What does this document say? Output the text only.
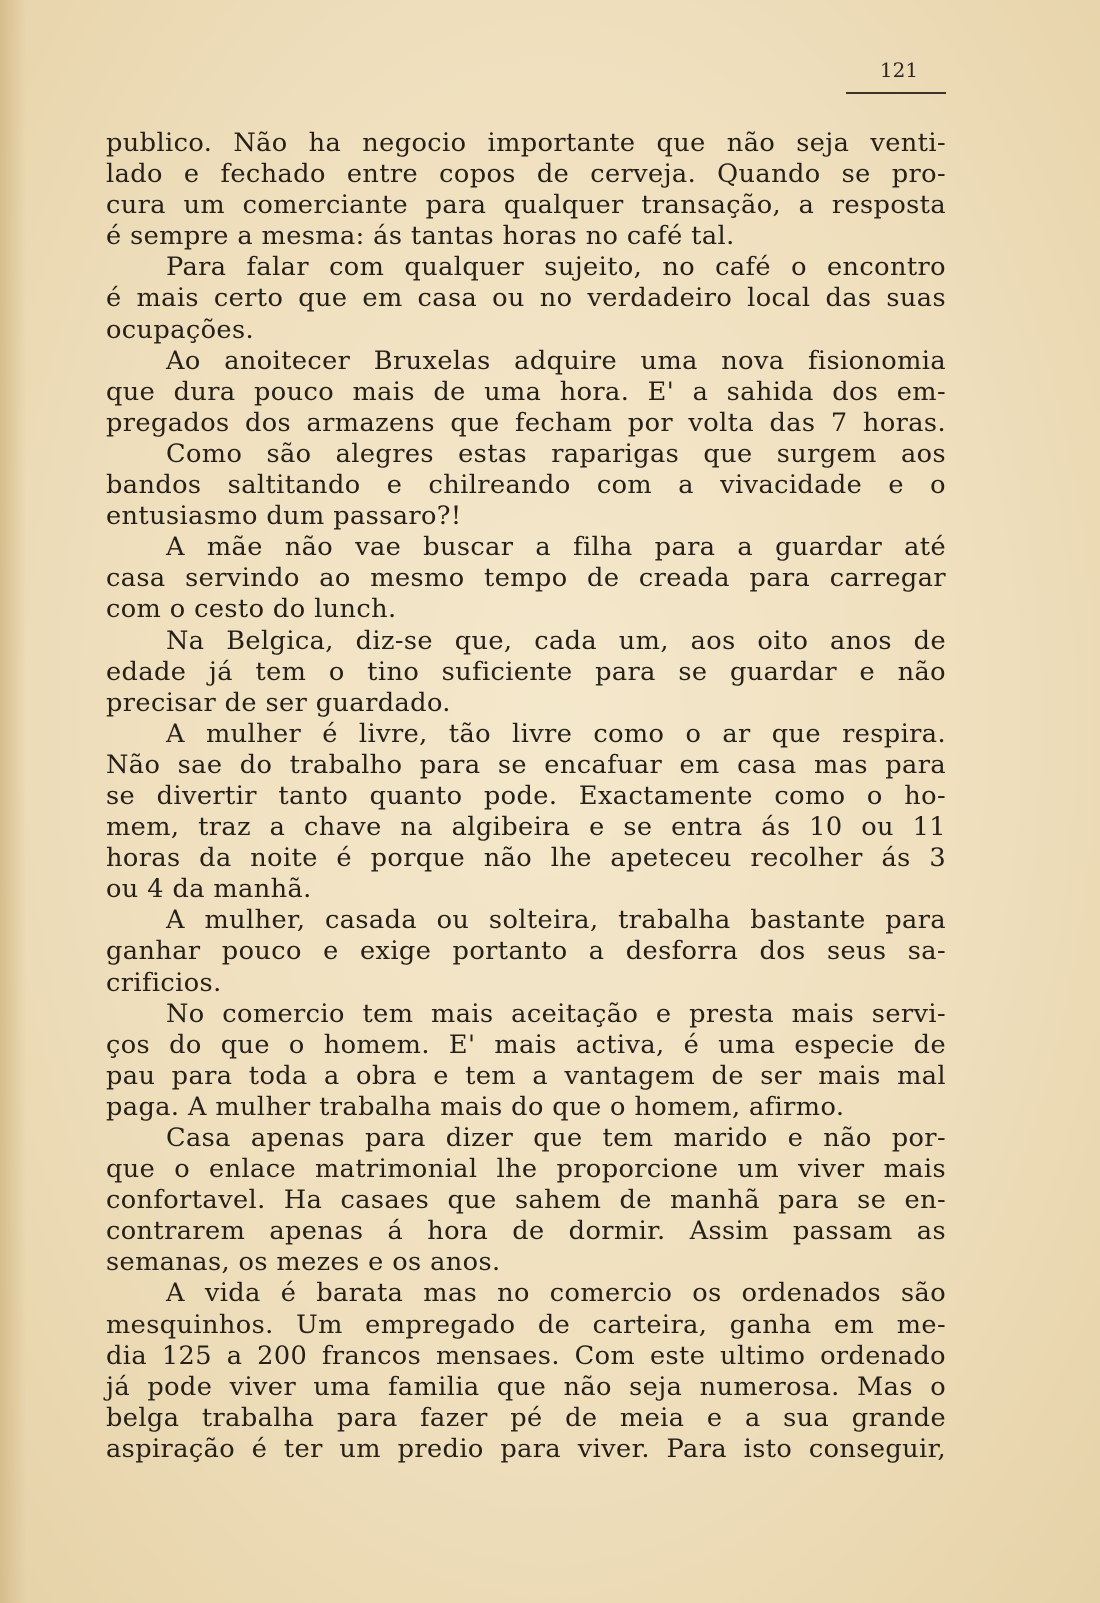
121
publico. Não ha negocio importante que não seja venti-
lado e fechado entre copos de cerveja. Quando se pro-
cura um comerciante para qualquer transação, a resposta
é sempre a mesma: ás tantas horas no café tal.
Para falar com qualquer sujeito, no café o encontro
é mais certo que em casa ou no verdadeiro local das suas
ocupações.
Ao anoitecer Bruxelas adquire uma nova fisionomia
que dura pouco mais de uma hora. E' a sahida dos em-
pregados dos armazens que fecham por volta das 7 horas.
Como são alegres estas raparigas que surgem aos
bandos saltitando e chilreando com a vivacidade e o
entusiasmo dum passaro?!
A mãe não vae buscar a filha para a guardar até
casa servindo ao mesmo tempo de creada para carregar
com o cesto do lunch.
Na Belgica, diz-se que, cada um, aos oito anos de
edade já tem o tino suficiente para se guardar e não
precisar de ser guardado.
A mulher é livre, tão livre como o ar que respira.
Não sae do trabalho para se encafuar em casa mas para
se divertir tanto quanto pode. Exactamente como o ho-
mem, traz a chave na algibeira e se entra ás 10 ou 11
horas da noite é porque não lhe apeteceu recolher ás 3
ou 4 da manhã.
A mulher, casada ou solteira, trabalha bastante para
ganhar pouco e exige portanto a desforra dos seus sa-
crificios.
No comercio tem mais aceitação e presta mais servi-
ços do que o homem. E' mais activa, é uma especie de
pau para toda a obra e tem a vantagem de ser mais mal
paga. A mulher trabalha mais do que o homem, afirmo.
Casa apenas para dizer que tem marido e não por-
que o enlace matrimonial lhe proporcione um viver mais
confortavel. Ha casaes que sahem de manhã para se en-
contrarem apenas á hora de dormir. Assim passam as
semanas, os mezes e os anos.
A vida é barata mas no comercio os ordenados são
mesquinhos. Um empregado de carteira, ganha em me-
dia 125 a 200 francos mensaes. Com este ultimo ordenado
já pode viver uma familia que não seja numerosa. Mas o
belga trabalha para fazer pé de meia e a sua grande
aspiração é ter um predio para viver. Para isto conseguir,
